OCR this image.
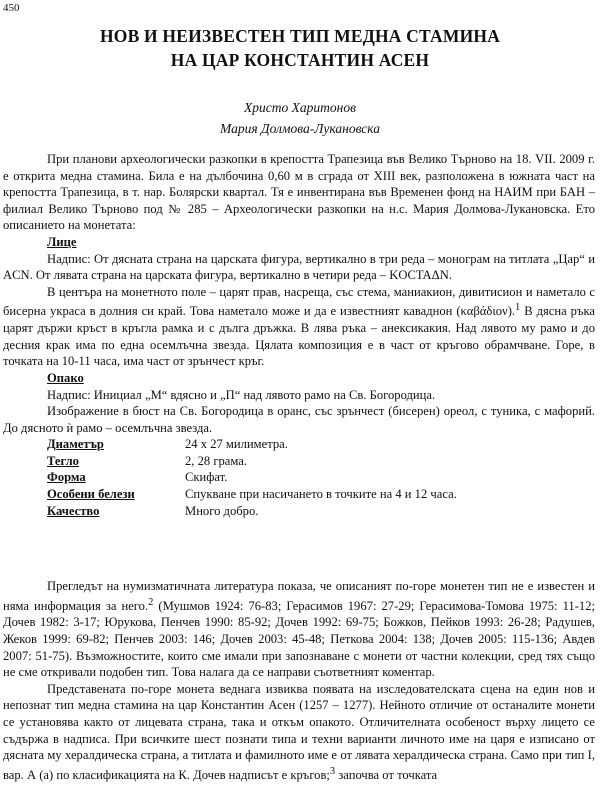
450
НОВ И НЕИЗВЕСТЕН ТИП МЕДНА СТАМИНА
НА ЦАР КОНСТАНТИН АСЕН
Христо Харитонов
Мария Долмова-Лукановска

При планови археологически разкопки в крепостта Трапезица във Велико Търново на 18. VII. 2009 г. е открита медна стамина. Била е на дълбочина 0,60 м в сграда от XIII век, разположена в южната част на крепостта Трапезица, в т. нар. Болярски квартал. Тя е инвентирана във Временен фонд на НАИМ при БАН – филиал Велико Търново под № 285 – Археологически разкопки на н.с. Мария Долмова-Лукановска. Ето описанието на монетата:

Лице

Надпис: От дясната страна на царската фигура, вертикално в три реда – монограм на титлата „Цар“ и ACN. От лявата страна на царската фигура, вертикално в четири реда – KOCTAΔN.

В центъра на монетното поле – царят прав, насреща, със стема, маниакион, дивитисион и наметало с бисерна украса в долния си край. Това наметало може и да е известният каваднон (καβάδιον).$^1$ В дясна ръка царят държи кръст в кръгла рамка и с дълга дръжка. В лява ръка – анексикакия. Над лявото му рамо и до десния крак има по една осемлъчна звезда. Цялата композиция е в част от кръгово обрамчване. Горе, в точката на 10-11 часа, има част от зрънчест кръг.

Опако

Надпис: Инициал „М“ вдясно и „П“ над лявото рамо на Св. Богородица.

Изображение в бюст на Св. Богородица в оранс, със зрънчест (бисерен) ореол, с туника, с мафорий. До дясното ѝ рамо – осемлъчна звезда.

Диаметър	24 x 27 милиметра.
Тегло	2, 28 грама.
Форма	Скифат.
Особени белези	Спукване при насичането в точките на 4 и 12 часа.
Качество	Много добро.

Прегледът на нумизматичната литература показа, че описаният по-горе монетен тип не е известен и няма информация за него.$^2$ (Мушмов 1924: 76-83; Герасимов 1967: 27-29; Герасимова-Томова 1975: 11-12; Дочев 1982: 3-17; Юрукова, Пенчев 1990: 85-92; Дочев 1992: 69-75; Божков, Пейков 1993: 26-28; Радушев, Жеков 1999: 69-82; Пенчев 2003: 146; Дочев 2003: 45-48; Петкова 2004: 138; Дочев 2005: 115-136; Авдев 2007: 51-75). Възможностите, които сме имали при запознаване с монети от частни колекции, сред тях също не сме откривали подобен тип. Това налага да се направи съответният коментар.

Представената по-горе монета веднага извиква появата на изследователската сцена на един нов и непознат тип медна стамина на цар Константин Асен (1257 – 1277). Нейното отличие от останалите монети се установява както от лицевата страна, така и откъм опакото. Отличителната особеност върху лицето се съдържа в надписа. При всичките шест познати типа и техни варианти личното име на царя е изписано от дясната му хералдическа страна, а титлата и фамилното име е от лявата хералдическа страна. Само при тип I, вар. А (а) по класификацията на К. Дочев надписът е кръгов;$^3$ започва от точката
